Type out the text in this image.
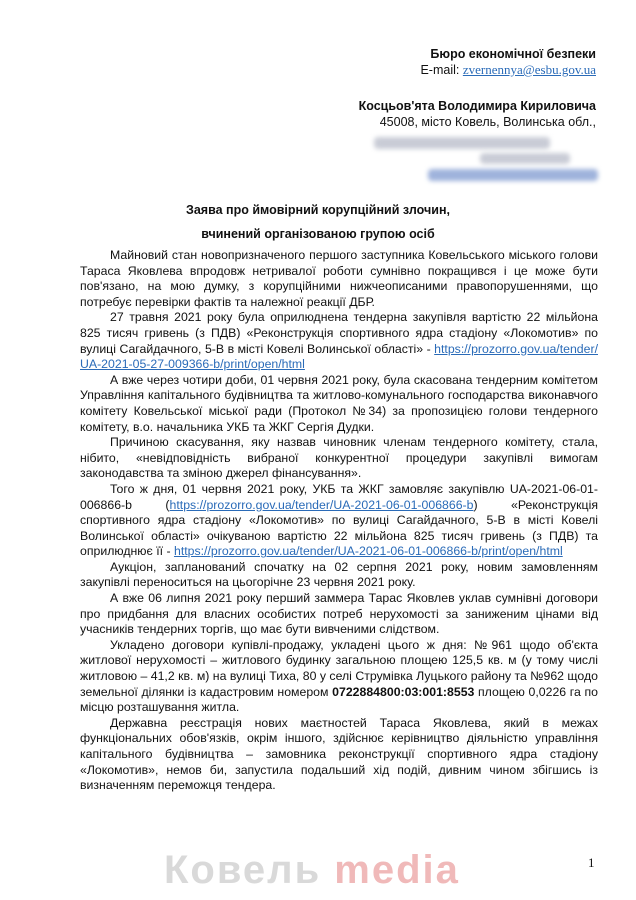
Бюро економічної безпеки
E-mail: zvernennya@esbu.gov.ua
Косцьов'ята Володимира Кириловича
45008, місто Ковель, Волинська обл.,
Заява про ймовірний корупційний злочин,
вчинений організованою групою осіб

Майновий стан новопризначеного першого заступника Ковельського міського голови Тараса Яковлева впродовж нетривалої роботи сумнівно покращився і це може бути пов'язано, на мою думку, з корупційними нижчеописаними правопорушеннями, що потребує перевірки фактів та належної реакції ДБР.

27 травня 2021 року була оприлюднена тендерна закупівля вартістю 22 мільйона 825 тисяч гривень (з ПДВ) «Реконструкція спортивного ядра стадіону «Локомотив» по вулиці Сагайдачного, 5-В в місті Ковелі Волинської області» - https://prozorro.gov.ua/tender/UA-2021-05-27-009366-b/print/open/html

А вже через чотири доби, 01 червня 2021 року, була скасована тендерним комітетом Управління капітального будівництва та житлово-комунального господарства виконавчого комітету Ковельської міської ради (Протокол №34) за пропозицією голови тендерного комітету, в.о. начальника УКБ та ЖКГ Сергія Дудки.

Причиною скасування, яку назвав чиновник членам тендерного комітету, стала, нібито, «невідповідність вибраної конкурентної процедури закупівлі вимогам законодавства та зміною джерел фінансування».

Того ж дня, 01 червня 2021 року, УКБ та ЖКГ замовляє закупівлю UA-2021-06-01-006866-b (https://prozorro.gov.ua/tender/UA-2021-06-01-006866-b) «Реконструкція спортивного ядра стадіону «Локомотив» по вулиці Сагайдачного, 5-В в місті Ковелі Волинської області» очікуваною вартістю 22 мільйона 825 тисяч гривень (з ПДВ) та оприлюднює її - https://prozorro.gov.ua/tender/UA-2021-06-01-006866-b/print/open/html

Аукціон, запланований спочатку на 02 серпня 2021 року, новим замовленням закупівлі переноситься на цьогорічне 23 червня 2021 року.

А вже 06 липня 2021 року перший заммера Тарас Яковлев уклав сумнівні договори про придбання для власних особистих потреб нерухомості за заниженим цінами від учасників тендерних торгів, що має бути вивченими слідством.

Укладено договори купівлі-продажу, укладені цього ж дня: №961 щодо об'єкта житлової нерухомості – житлового будинку загальною площею 125,5 кв. м (у тому числі житловою – 41,2 кв. м) на вулиці Тиха, 80 у селі Струмівка Луцького району та №962 щодо земельної ділянки із кадастровим номером 0722884800:03:001:8553 площею 0,0226 га по місцю розташування житла.

Державна реєстрація нових маєтностей Тараса Яковлева, який в межах функціональних обов'язків, окрім іншого, здійснює керівництво діяльністю управління капітального будівництва – замовника реконструкції спортивного ядра стадіону «Локомотив», немов би, запустила подальший хід подій, дивним чином збігшись із визначенням переможця тендера.

Ковель media	1
